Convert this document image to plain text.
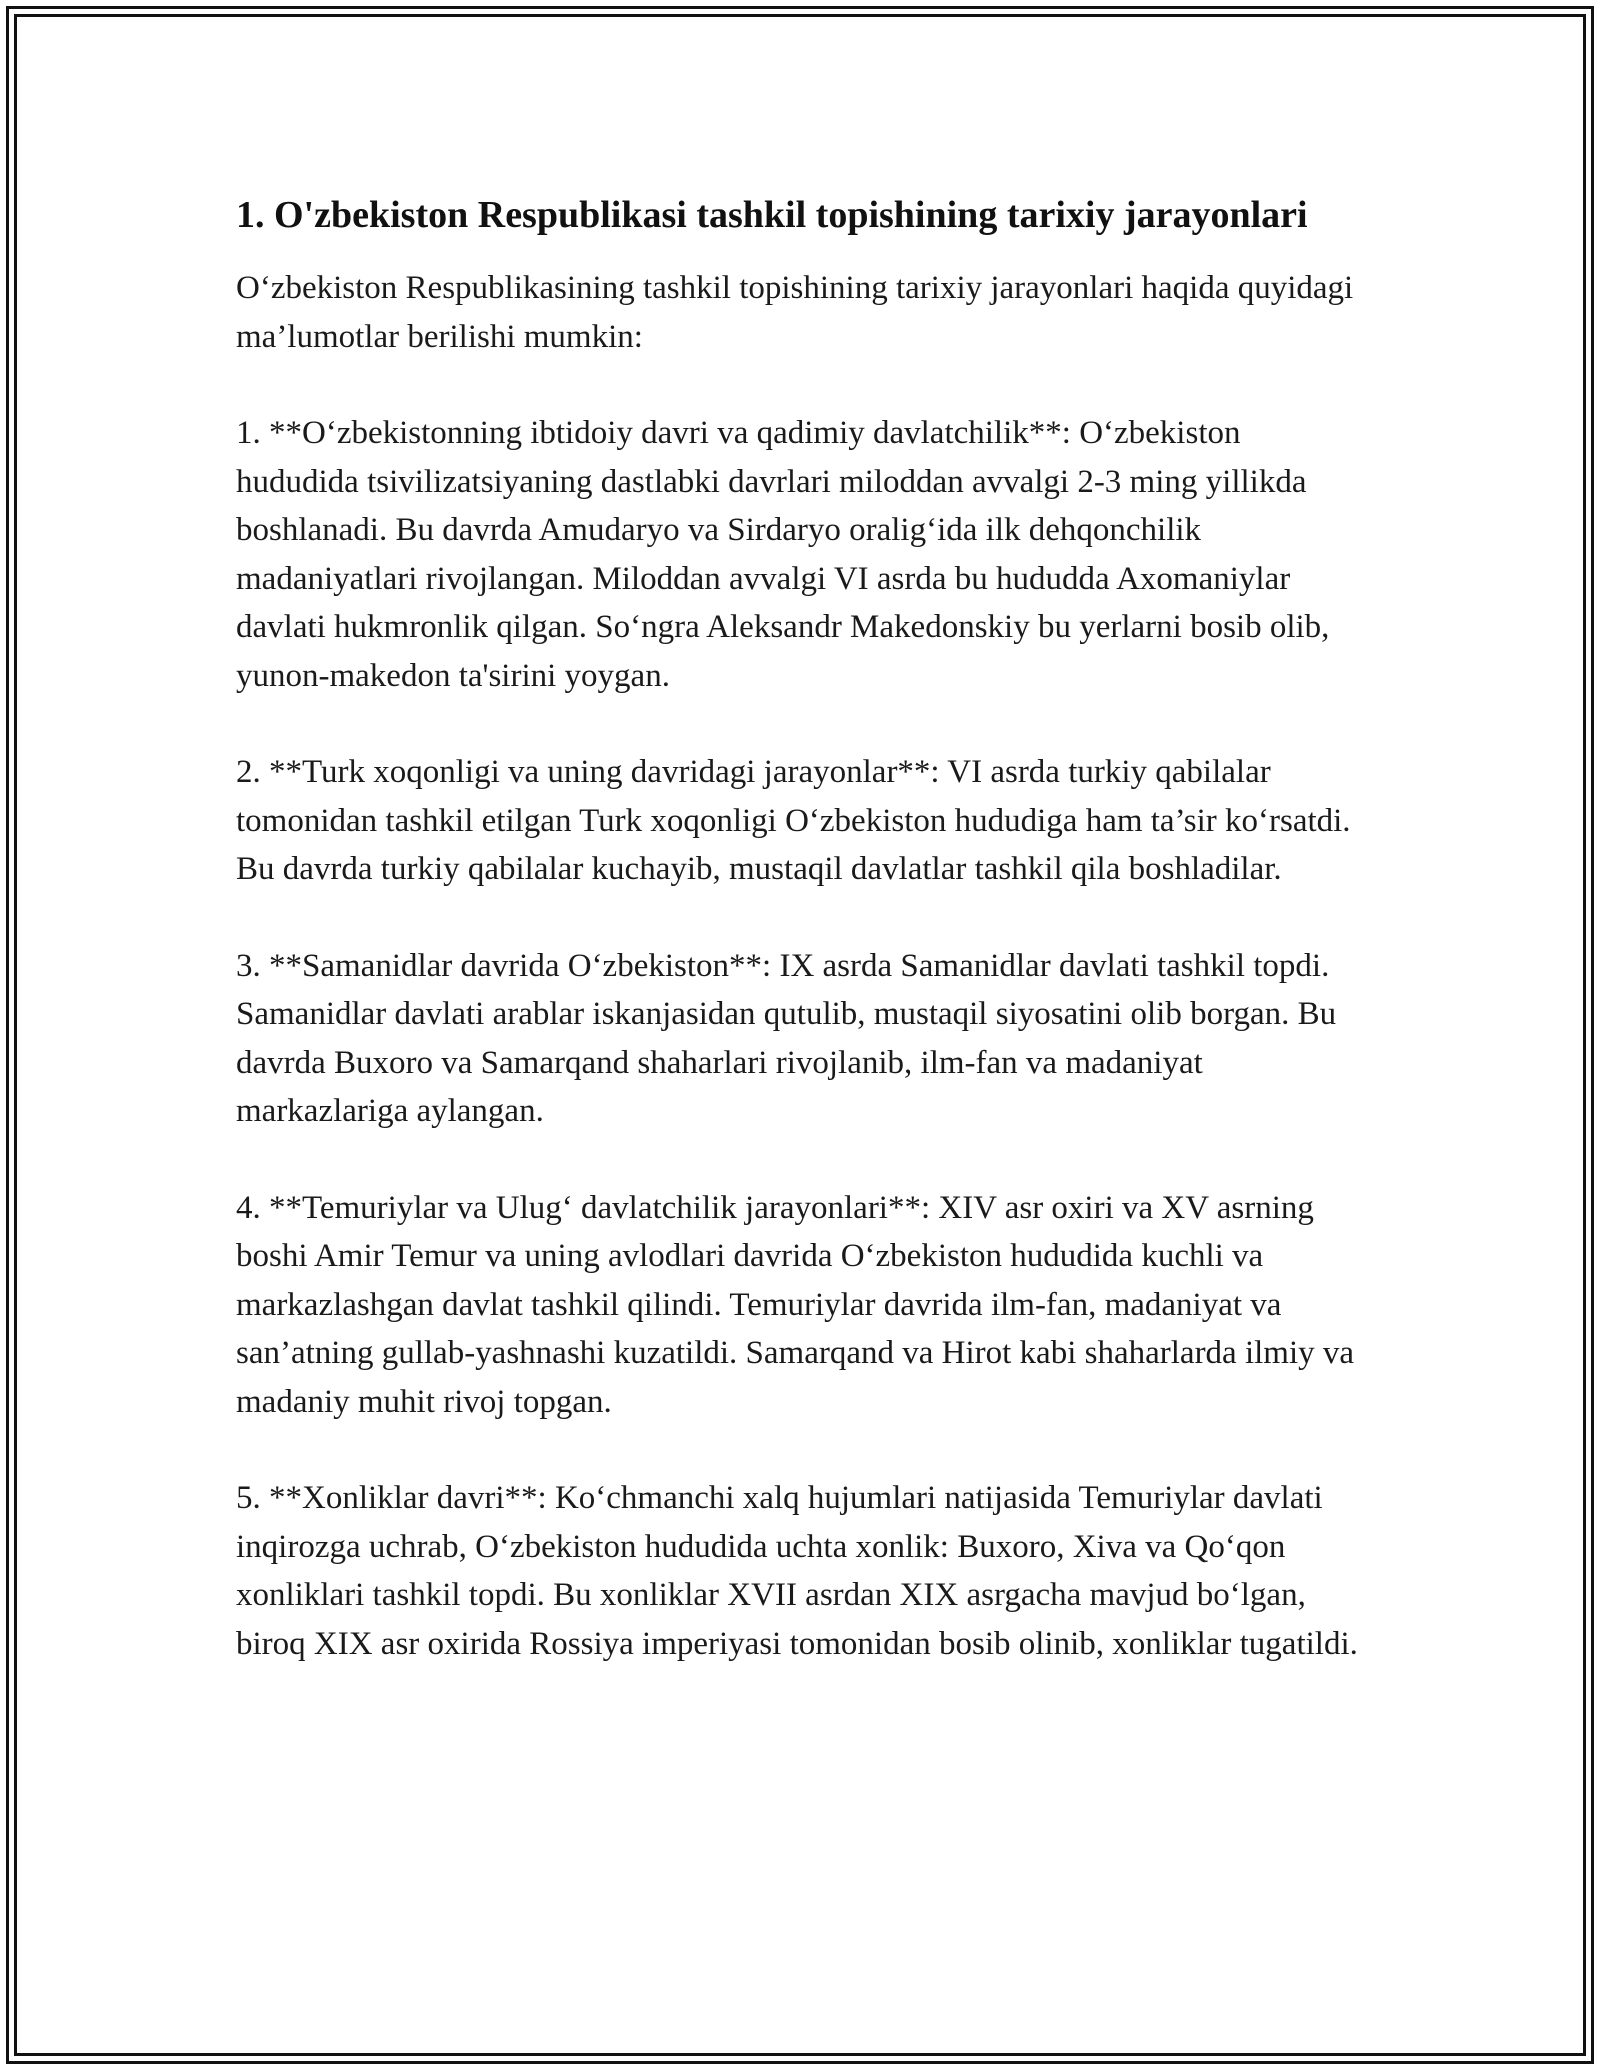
1. O'zbekiston Respublikasi tashkil topishining tarixiy jarayonlari

O‘zbekiston Respublikasining tashkil topishining tarixiy jarayonlari haqida quyidagi ma’lumotlar berilishi mumkin:

1. **O‘zbekistonning ibtidoiy davri va qadimiy davlatchilik**: O‘zbekiston hududida tsivilizatsiyaning dastlabki davrlari miloddan avvalgi 2-3 ming yillikda boshlanadi. Bu davrda Amudaryo va Sirdaryo oralig‘ida ilk dehqonchilik madaniyatlari rivojlangan. Miloddan avvalgi VI asrda bu hududda Axomaniylar davlati hukmronlik qilgan. So‘ngra Aleksandr Makedonskiy bu yerlarni bosib olib, yunon-makedon ta'sirini yoygan.

2. **Turk xoqonligi va uning davridagi jarayonlar**: VI asrda turkiy qabilalar tomonidan tashkil etilgan Turk xoqonligi O‘zbekiston hududiga ham ta’sir ko‘rsatdi. Bu davrda turkiy qabilalar kuchayib, mustaqil davlatlar tashkil qila boshladilar.

3. **Samanidlar davrida O‘zbekiston**: IX asrda Samanidlar davlati tashkil topdi. Samanidlar davlati arablar iskanjasidan qutulib, mustaqil siyosatini olib borgan. Bu davrda Buxoro va Samarqand shaharlari rivojlanib, ilm-fan va madaniyat markazlariga aylangan.

4. **Temuriylar va Ulug‘ davlatchilik jarayonlari**: XIV asr oxiri va XV asrning boshi Amir Temur va uning avlodlari davrida O‘zbekiston hududida kuchli va markazlashgan davlat tashkil qilindi. Temuriylar davrida ilm-fan, madaniyat va san’atning gullab-yashnashi kuzatildi. Samarqand va Hirot kabi shaharlarda ilmiy va madaniy muhit rivoj topgan.

5. **Xonliklar davri**: Ko‘chmanchi xalq hujumlari natijasida Temuriylar davlati inqirozga uchrab, O‘zbekiston hududida uchta xonlik: Buxoro, Xiva va Qo‘qon xonliklari tashkil topdi. Bu xonliklar XVII asrdan XIX asrgacha mavjud bo‘lgan, biroq XIX asr oxirida Rossiya imperiyasi tomonidan bosib olinib, xonliklar tugatildi.
